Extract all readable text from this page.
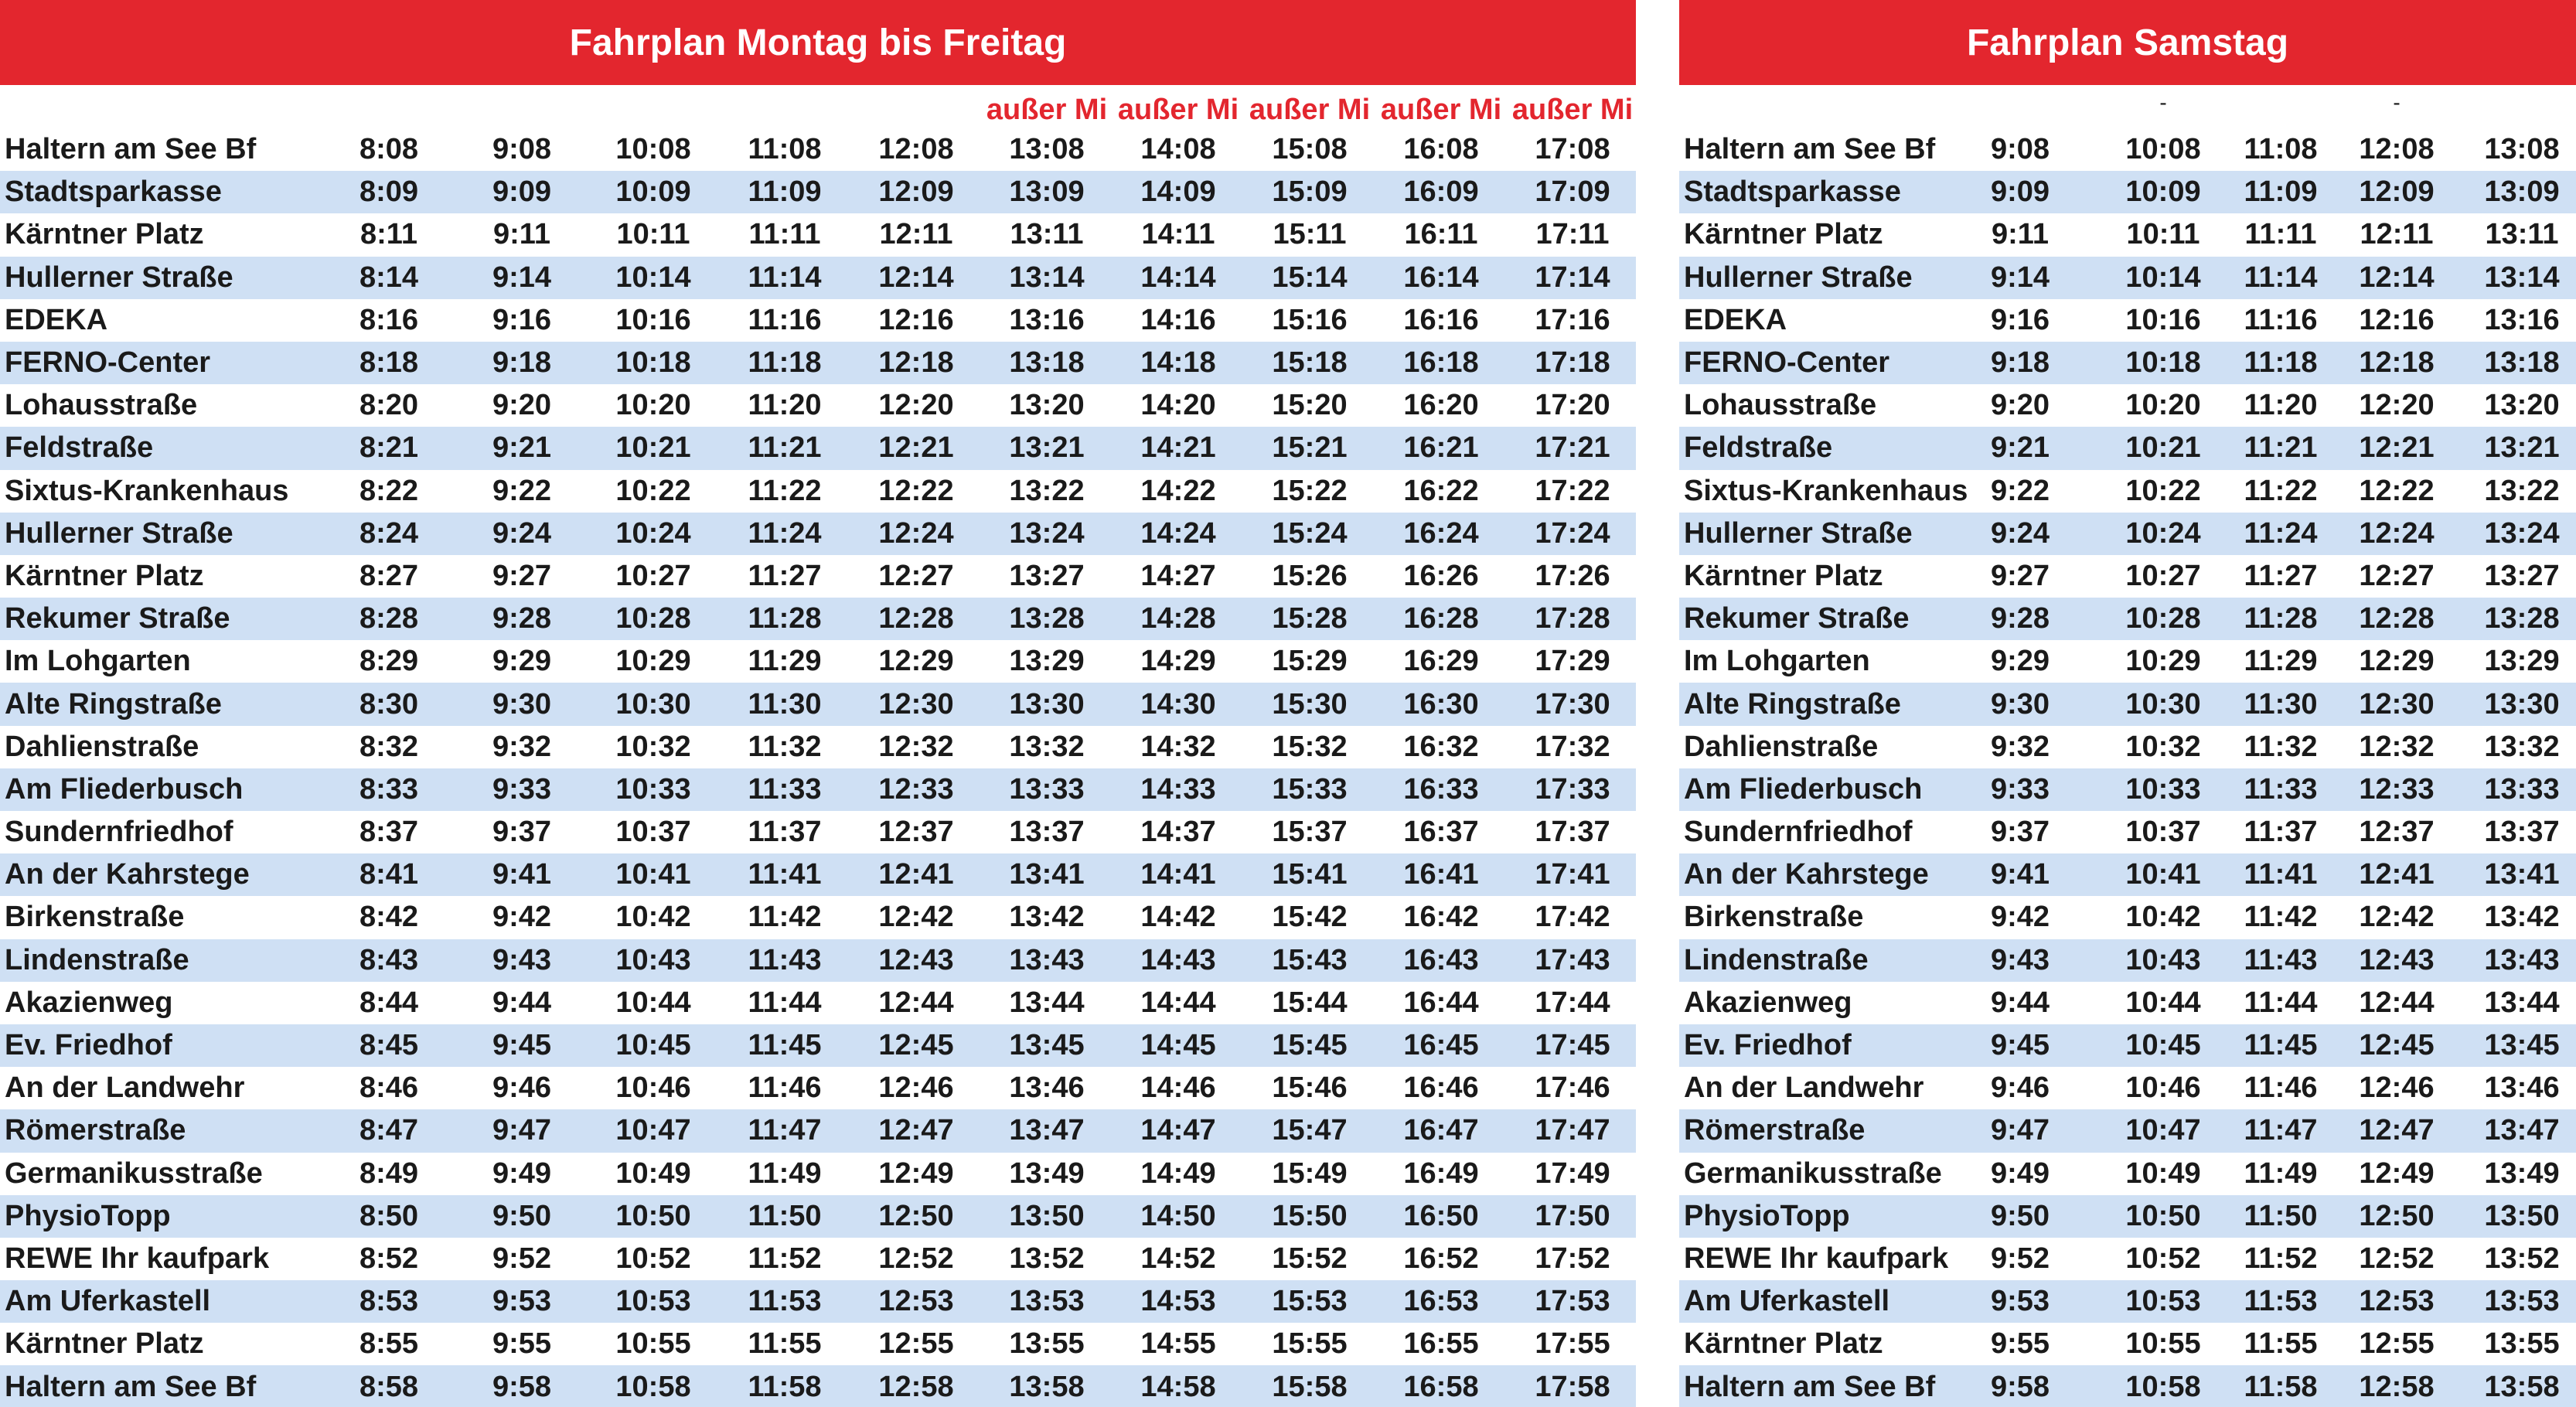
Fahrplan Montag bis Freitag
außer Mi außer Mi außer Mi außer Mi außer Mi
Haltern am See Bf	8:08	9:08 10:08 11:08 12:08 13:08 14:08 15:08 16:08 17:08
Stadtsparkasse	8:09	9:09 10:09 11:09 12:09 13:09 14:09 15:09 16:09 17:09
Kärntner Platz	8:11	9:11 10:11 11:11 12:11 13:11 14:11 15:11 16:11 17:11
Hullerner Straße	8:14	9:14 10:14 11:14 12:14 13:14 14:14 15:14 16:14 17:14
EDEKA	8:16	9:16 10:16 11:16 12:16 13:16 14:16 15:16 16:16 17:16
FERNO-Center	8:18	9:18 10:18 11:18 12:18 13:18 14:18 15:18 16:18 17:18
Lohausstraße	8:20	9:20 10:20 11:20 12:20 13:20 14:20 15:20 16:20 17:20
Feldstraße	8:21	9:21 10:21 11:21 12:21 13:21 14:21 15:21 16:21 17:21
Sixtus-Krankenhaus 8:22	9:22 10:22 11:22 12:22 13:22 14:22 15:22 16:22 17:22
Hullerner Straße	8:24	9:24 10:24 11:24 12:24 13:24 14:24 15:24 16:24 17:24
Kärntner Platz	8:27	9:27 10:27 11:27 12:27 13:27 14:27 15:26 16:26 17:26
Rekumer Straße	8:28	9:28 10:28 11:28 12:28 13:28 14:28 15:28 16:28 17:28
Im Lohgarten	8:29	9:29 10:29 11:29 12:29 13:29 14:29 15:29 16:29 17:29
Alte Ringstraße	8:30	9:30 10:30 11:30 12:30 13:30 14:30 15:30 16:30 17:30
Dahlienstraße	8:32	9:32 10:32 11:32 12:32 13:32 14:32 15:32 16:32 17:32
Am Fliederbusch	8:33	9:33 10:33 11:33 12:33 13:33 14:33 15:33 16:33 17:33
Sundernfriedhof	8:37	9:37 10:37 11:37 12:37 13:37 14:37 15:37 16:37 17:37
An der Kahrstege	8:41	9:41 10:41 11:41 12:41 13:41 14:41 15:41 16:41 17:41
Birkenstraße	8:42	9:42 10:42 11:42 12:42 13:42 14:42 15:42 16:42 17:42
Lindenstraße	8:43	9:43 10:43 11:43 12:43 13:43 14:43 15:43 16:43 17:43
Akazienweg	8:44	9:44 10:44 11:44 12:44 13:44 14:44 15:44 16:44 17:44
Ev. Friedhof	8:45	9:45 10:45 11:45 12:45 13:45 14:45 15:45 16:45 17:45
An der Landwehr	8:46	9:46 10:46 11:46 12:46 13:46 14:46 15:46 16:46 17:46
Römerstraße	8:47	9:47 10:47 11:47 12:47 13:47 14:47 15:47 16:47 17:47
Germanikusstraße	8:49	9:49 10:49 11:49 12:49 13:49 14:49 15:49 16:49 17:49
PhysioTopp	8:50	9:50 10:50 11:50 12:50 13:50 14:50 15:50 16:50 17:50
REWE Ihr kaufpark	8:52	9:52 10:52 11:52 12:52 13:52 14:52 15:52 16:52 17:52
Am Uferkastell	8:53	9:53 10:53 11:53 12:53 13:53 14:53 15:53 16:53 17:53
Kärntner Platz	8:55	9:55 10:55 11:55 12:55 13:55 14:55 15:55 16:55 17:55
Haltern am See Bf	8:58	9:58 10:58 11:58 12:58 13:58 14:58 15:58 16:58 17:58
Fahrplan Samstag
-	-
Haltern am See Bf 9:08	10:08 11:08 12:08 13:08
Stadtsparkasse	9:09	10:09 11:09 12:09 13:09
Kärntner Platz	9:11	10:11 11:11 12:11 13:11
Hullerner Straße	9:14	10:14 11:14 12:14 13:14
EDEKA	9:16	10:16 11:16 12:16 13:16
FERNO-Center	9:18	10:18 11:18 12:18 13:18
Lohausstraße	9:20	10:20 11:20 12:20 13:20
Feldstraße	9:21	10:21 11:21 12:21 13:21
Sixtus-Krankenhaus 9:22	10:22 11:22 12:22 13:22
Hullerner Straße	9:24	10:24 11:24 12:24 13:24
Kärntner Platz	9:27	10:27 11:27 12:27 13:27
Rekumer Straße	9:28	10:28 11:28 12:28 13:28
Im Lohgarten	9:29	10:29 11:29 12:29 13:29
Alte Ringstraße	9:30	10:30 11:30 12:30 13:30
Dahlienstraße	9:32	10:32 11:32 12:32 13:32
Am Fliederbusch 9:33	10:33 11:33 12:33 13:33
Sundernfriedhof	9:37	10:37 11:37 12:37 13:37
An der Kahrstege 9:41	10:41 11:41 12:41 13:41
Birkenstraße	9:42	10:42 11:42 12:42 13:42
Lindenstraße	9:43	10:43 11:43 12:43 13:43
Akazienweg	9:44	10:44 11:44 12:44 13:44
Ev. Friedhof	9:45	10:45 11:45 12:45 13:45
An der Landwehr 9:46	10:46 11:46 12:46 13:46
Römerstraße	9:47	10:47 11:47 12:47 13:47
Germanikusstraße 9:49	10:49 11:49 12:49 13:49
PhysioTopp	9:50	10:50 11:50 12:50 13:50
REWE Ihr kaufpark 9:52	10:52 11:52 12:52 13:52
Am Uferkastell	9:53	10:53 11:53 12:53 13:53
Kärntner Platz	9:55	10:55 11:55 12:55 13:55
Haltern am See Bf 9:58	10:58 11:58 12:58 13:58
